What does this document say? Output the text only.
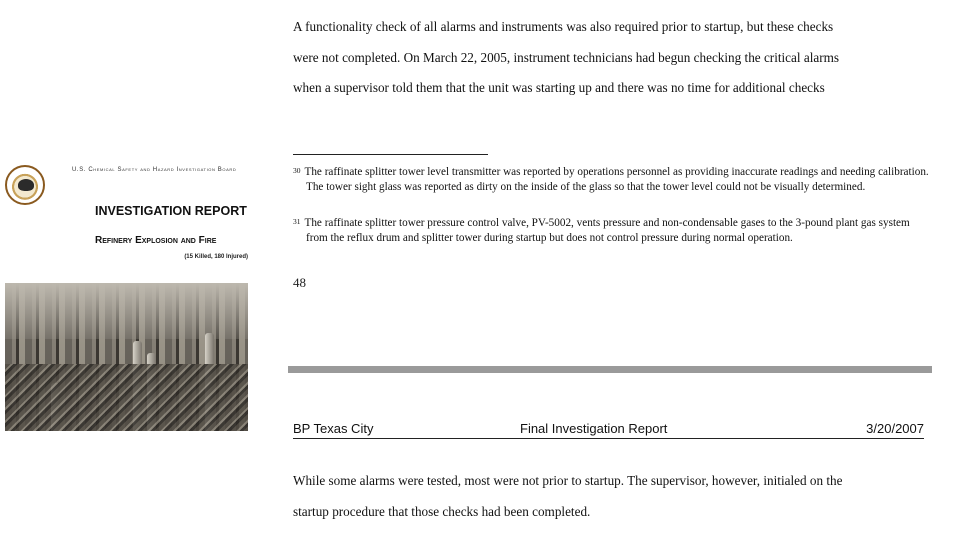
U.S. Chemical Safety and Hazard Investigation Board
INVESTIGATION REPORT
Refinery Explosion and Fire
(15 Killed, 180 Injured)

A functionality check of all alarms and instruments was also required prior to startup, but these checks

were not completed. On March 22, 2005, instrument technicians had begun checking the critical alarms

when a supervisor told them that the unit was starting up and there was no time for additional checks

$^{30}$ The raffinate splitter tower level transmitter was reported by operations personnel as providing inaccurate readings and needing calibration. The tower sight glass was reported as dirty on the inside of the glass so that the tower level could not be visually determined.
$^{31}$ The raffinate splitter tower pressure control valve, PV-5002, vents pressure and non-condensable gases to the 3-pound plant gas system from the reflux drum and splitter tower during startup but does not control pressure during normal operation.
48
BP Texas City	Final Investigation Report	3/20/2007

While some alarms were tested, most were not prior to startup. The supervisor, however, initialed on the

startup procedure that those checks had been completed.
